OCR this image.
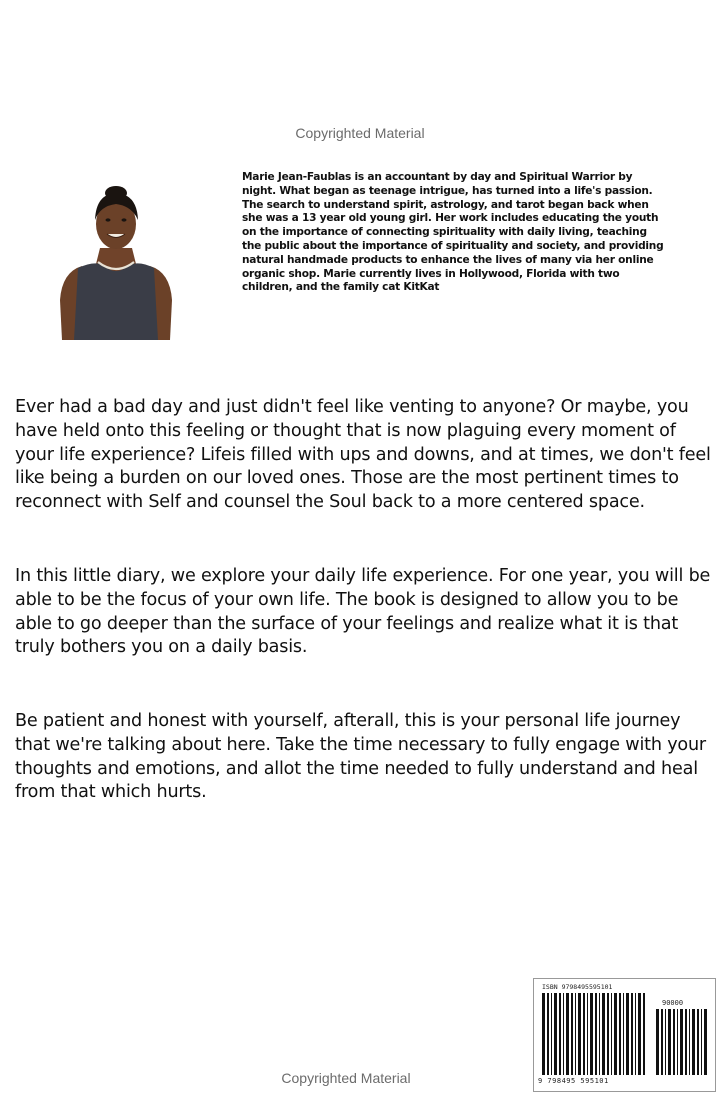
Copyrighted Material

Marie Jean-Faublas is an accountant by day and Spiritual Warrior by night. What began as teenage intrigue, has turned into a life's passion. The search to understand spirit, astrology, and tarot began back when she was a 13 year old young girl. Her work includes educating the youth on the importance of connecting spirituality with daily living, teaching the public about the importance of spirituality and society, and providing natural handmade products to enhance the lives of many via her online organic shop. Marie currently lives in Hollywood, Florida with two children, and the family cat KitKat

Ever had a bad day and just didn't feel like venting to anyone? Or maybe, you have held onto this feeling or thought that is now plaguing every moment of your life experience? Lifeis filled with ups and downs, and at times, we don't feel like being a burden on our loved ones. Those are the most pertinent times to reconnect with Self and counsel the Soul back to a more centered space.

In this little diary, we explore your daily life experience. For one year, you will be able to be the focus of your own life. The book is designed to allow you to be able to go deeper than the surface of your feelings and realize what it is that truly bothers you on a daily basis.

Be patient and honest with yourself, afterall, this is your personal life journey that we're talking about here. Take the time necessary to fully engage with your thoughts and emotions, and allot the time needed to fully understand and heal from that which hurts.

ISBN 9798495595101
90000
9 798495 595101
Copyrighted Material
